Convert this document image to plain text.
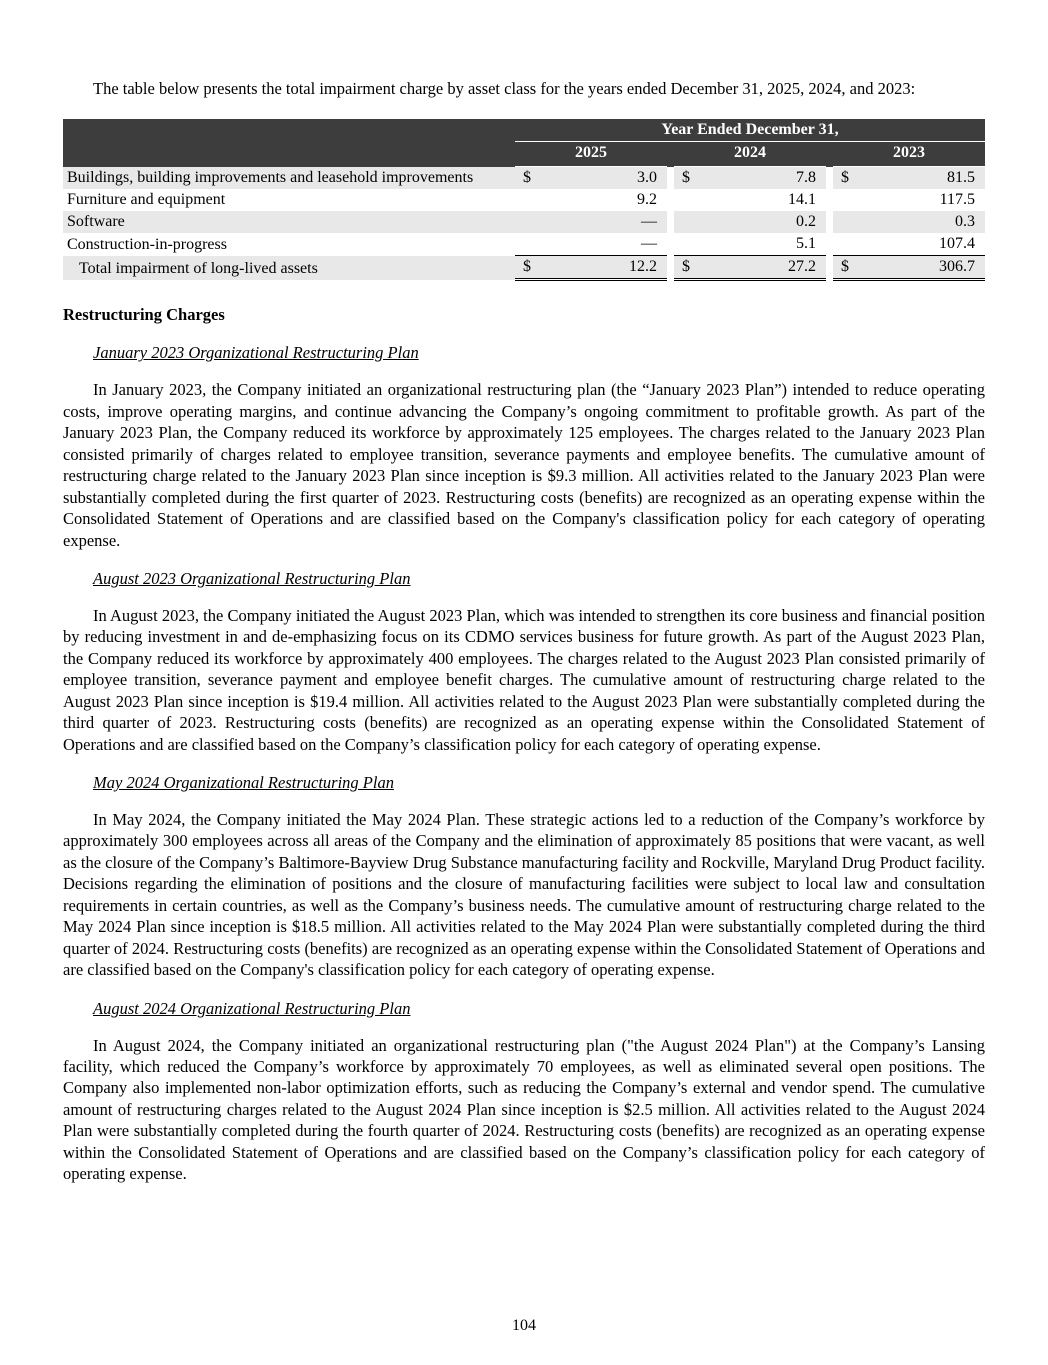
The table below presents the total impairment charge by asset class for the years ended December 31, 2025, 2024, and 2023:

	Year Ended December 31,							
	2025			2024			2023	
Buildings, building improvements and leasehold improvements	$	3.0		$	7.8		$	81.5
Furniture and equipment		9.2			14.1			117.5
Software		—			0.2			0.3
Construction-in-progress		—			5.1			107.4
Total impairment of long-lived assets	$	12.2		$	27.2		$	306.7
Restructuring Charges
January 2023 Organizational Restructuring Plan

In January 2023, the Company initiated an organizational restructuring plan (the “January 2023 Plan”) intended to reduce operating costs, improve operating margins, and continue advancing the Company’s ongoing commitment to profitable growth. As part of the January 2023 Plan, the Company reduced its workforce by approximately 125 employees. The charges related to the January 2023 Plan consisted primarily of charges related to employee transition, severance payments and employee benefits. The cumulative amount of restructuring charge related to the January 2023 Plan since inception is $9.3 million. All activities related to the January 2023 Plan were substantially completed during the first quarter of 2023. Restructuring costs (benefits) are recognized as an operating expense within the Consolidated Statement of Operations and are classified based on the Company's classification policy for each category of operating expense.

August 2023 Organizational Restructuring Plan

In August 2023, the Company initiated the August 2023 Plan, which was intended to strengthen its core business and financial position by reducing investment in and de-emphasizing focus on its CDMO services business for future growth. As part of the August 2023 Plan, the Company reduced its workforce by approximately 400 employees. The charges related to the August 2023 Plan consisted primarily of employee transition, severance payment and employee benefit charges. The cumulative amount of restructuring charge related to the August 2023 Plan since inception is $19.4 million. All activities related to the August 2023 Plan were substantially completed during the third quarter of 2023. Restructuring costs (benefits) are recognized as an operating expense within the Consolidated Statement of Operations and are classified based on the Company’s classification policy for each category of operating expense.

May 2024 Organizational Restructuring Plan

In May 2024, the Company initiated the May 2024 Plan. These strategic actions led to a reduction of the Company’s workforce by approximately 300 employees across all areas of the Company and the elimination of approximately 85 positions that were vacant, as well as the closure of the Company’s Baltimore-Bayview Drug Substance manufacturing facility and Rockville, Maryland Drug Product facility. Decisions regarding the elimination of positions and the closure of manufacturing facilities were subject to local law and consultation requirements in certain countries, as well as the Company’s business needs. The cumulative amount of restructuring charge related to the May 2024 Plan since inception is $18.5 million. All activities related to the May 2024 Plan were substantially completed during the third quarter of 2024. Restructuring costs (benefits) are recognized as an operating expense within the Consolidated Statement of Operations and are classified based on the Company's classification policy for each category of operating expense.

August 2024 Organizational Restructuring Plan

In August 2024, the Company initiated an organizational restructuring plan ("the August 2024 Plan") at the Company’s Lansing facility, which reduced the Company’s workforce by approximately 70 employees, as well as eliminated several open positions. The Company also implemented non-labor optimization efforts, such as reducing the Company’s external and vendor spend. The cumulative amount of restructuring charges related to the August 2024 Plan since inception is $2.5 million. All activities related to the August 2024 Plan were substantially completed during the fourth quarter of 2024. Restructuring costs (benefits) are recognized as an operating expense within the Consolidated Statement of Operations and are classified based on the Company’s classification policy for each category of operating expense.

104
